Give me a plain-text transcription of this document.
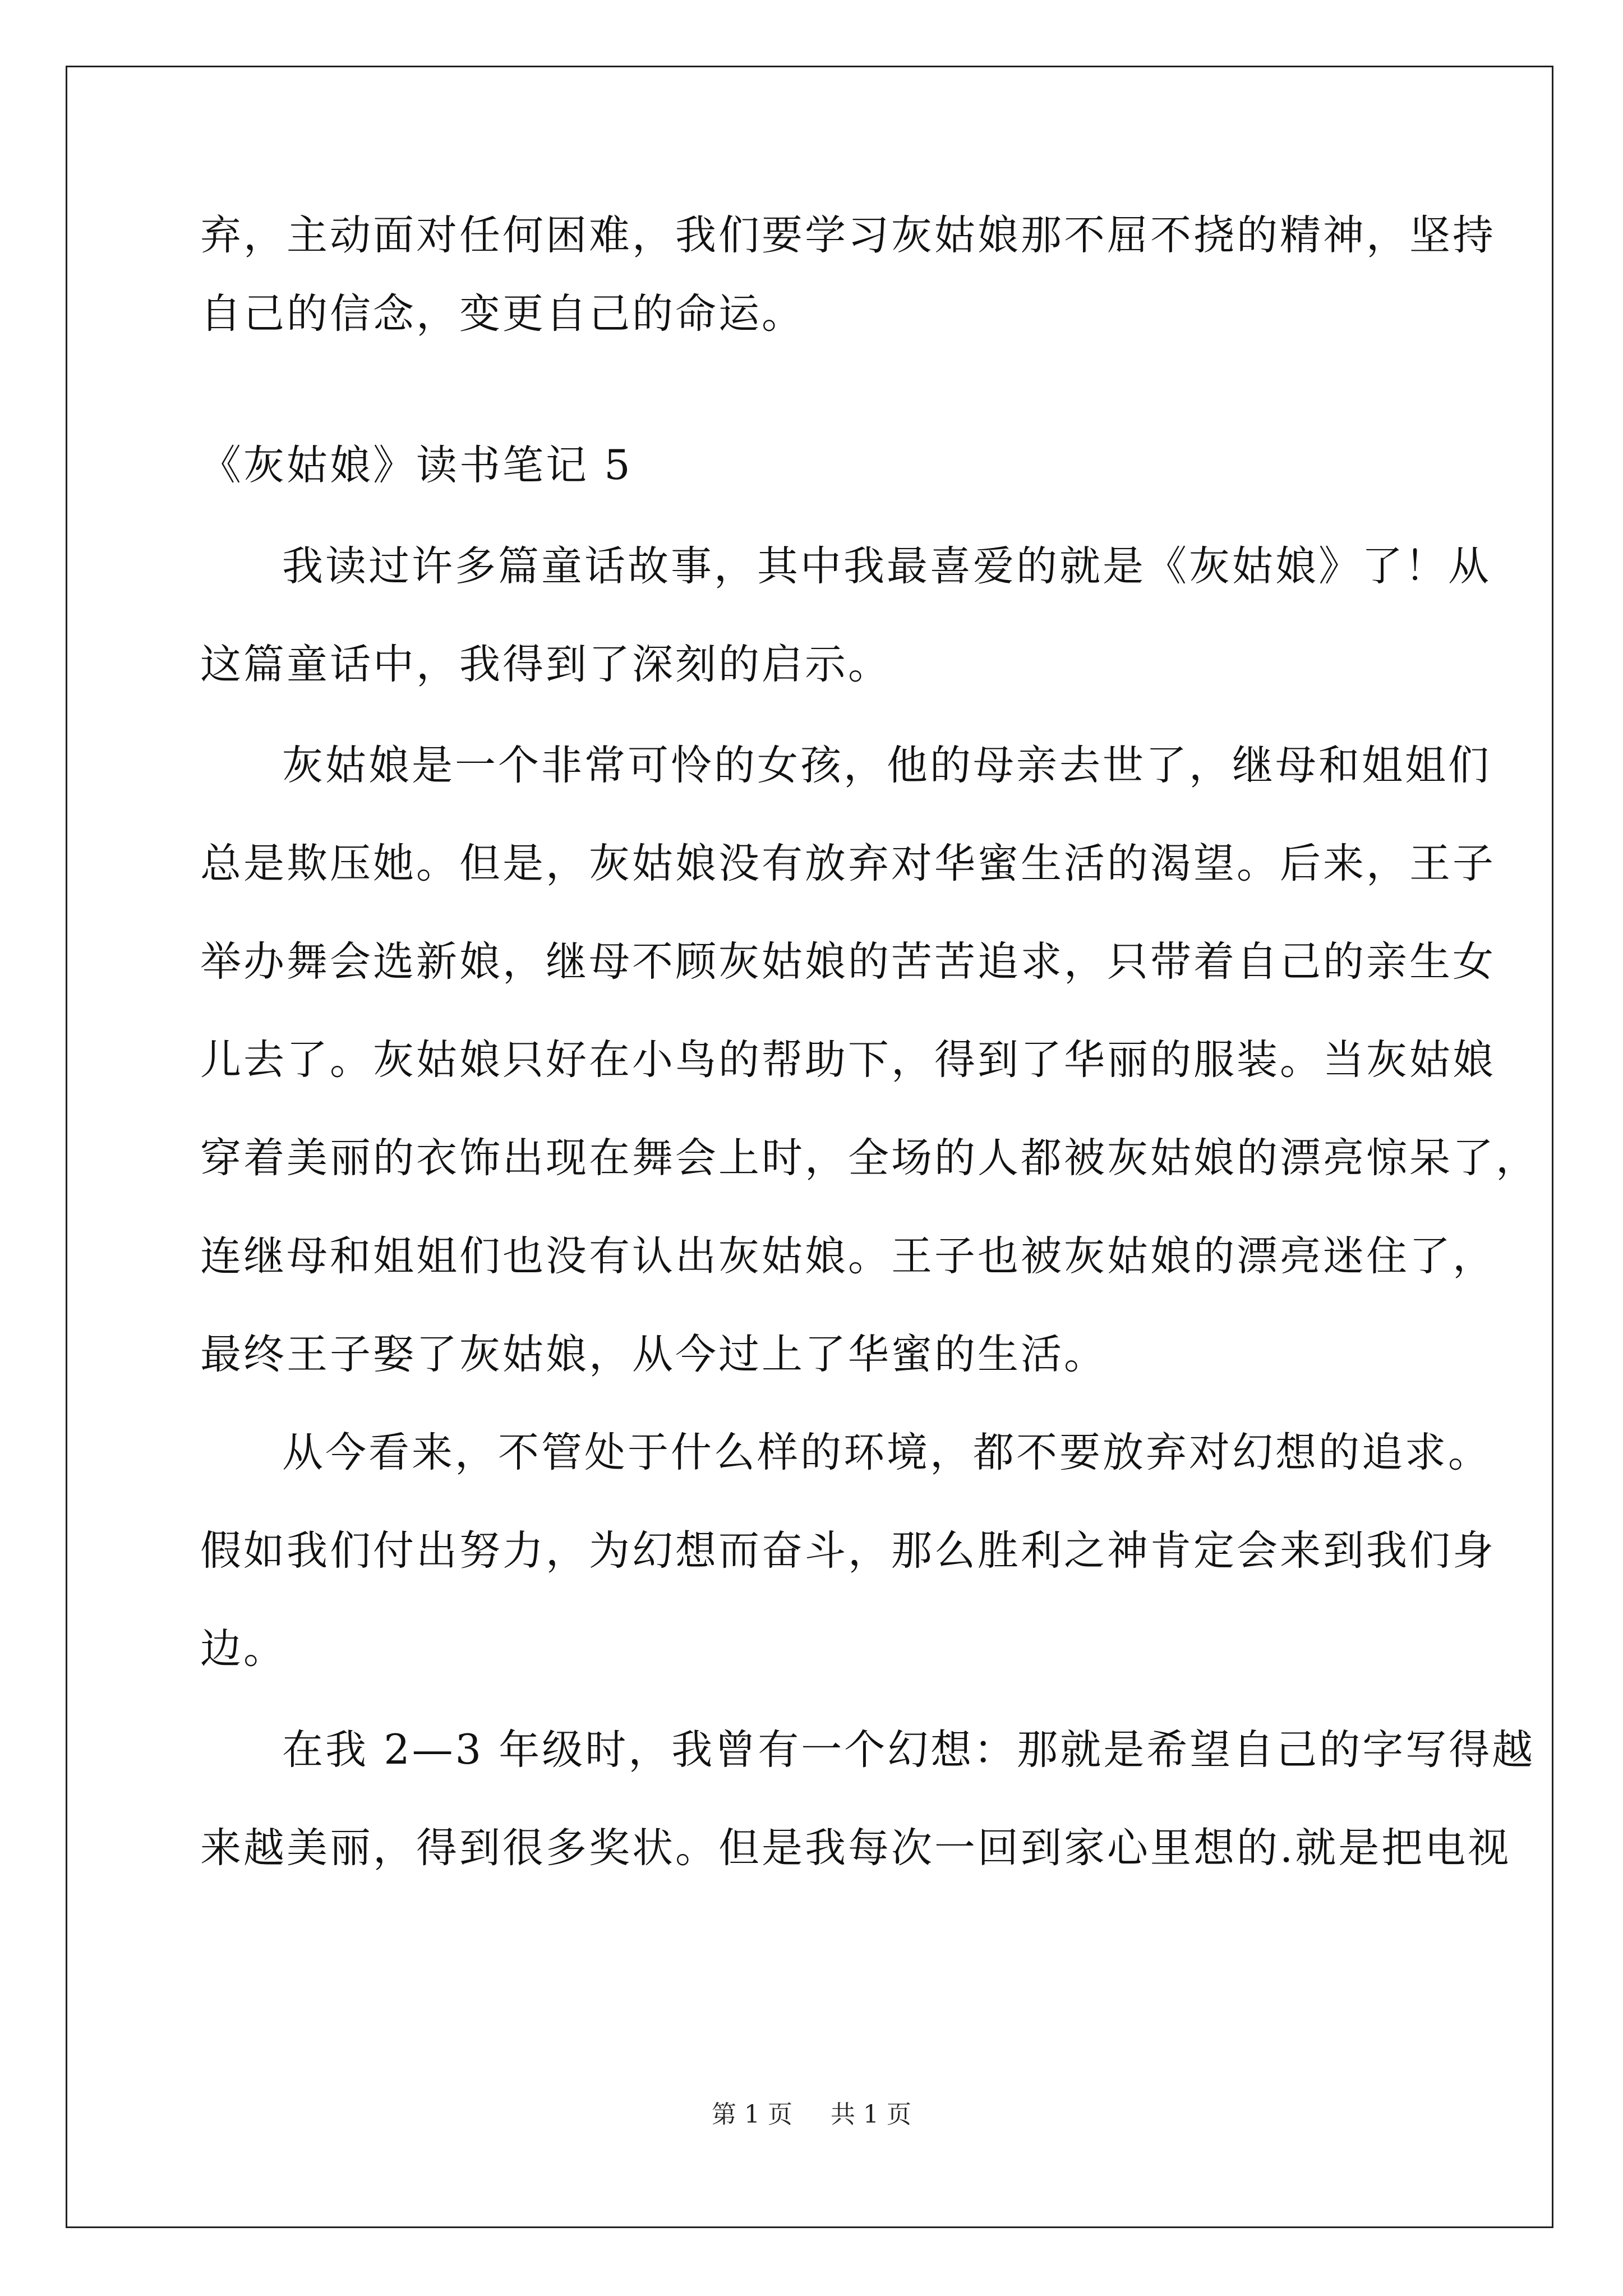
弃，主动面对任何困难，我们要学习灰姑娘那不屈不挠的精神，坚持
自己的信念，变更自己的命运。
《灰姑娘》读书笔记 5
我读过许多篇童话故事，其中我最喜爱的就是《灰姑娘》了！从
这篇童话中，我得到了深刻的启示。
灰姑娘是一个非常可怜的女孩，他的母亲去世了，继母和姐姐们
总是欺压她。但是，灰姑娘没有放弃对华蜜生活的渴望。后来，王子
举办舞会选新娘，继母不顾灰姑娘的苦苦追求，只带着自己的亲生女
儿去了。灰姑娘只好在小鸟的帮助下，得到了华丽的服装。当灰姑娘
穿着美丽的衣饰出现在舞会上时，全场的人都被灰姑娘的漂亮惊呆了，
连继母和姐姐们也没有认出灰姑娘。王子也被灰姑娘的漂亮迷住了，
最终王子娶了灰姑娘，从今过上了华蜜的生活。
从今看来，不管处于什么样的环境，都不要放弃对幻想的追求。
假如我们付出努力，为幻想而奋斗，那么胜利之神肯定会来到我们身
边。
在我 2—3 年级时，我曾有一个幻想：那就是希望自己的字写得越
来越美丽，得到很多奖状。但是我每次一回到家心里想的.就是把电视
第 1 页 共 1 页
